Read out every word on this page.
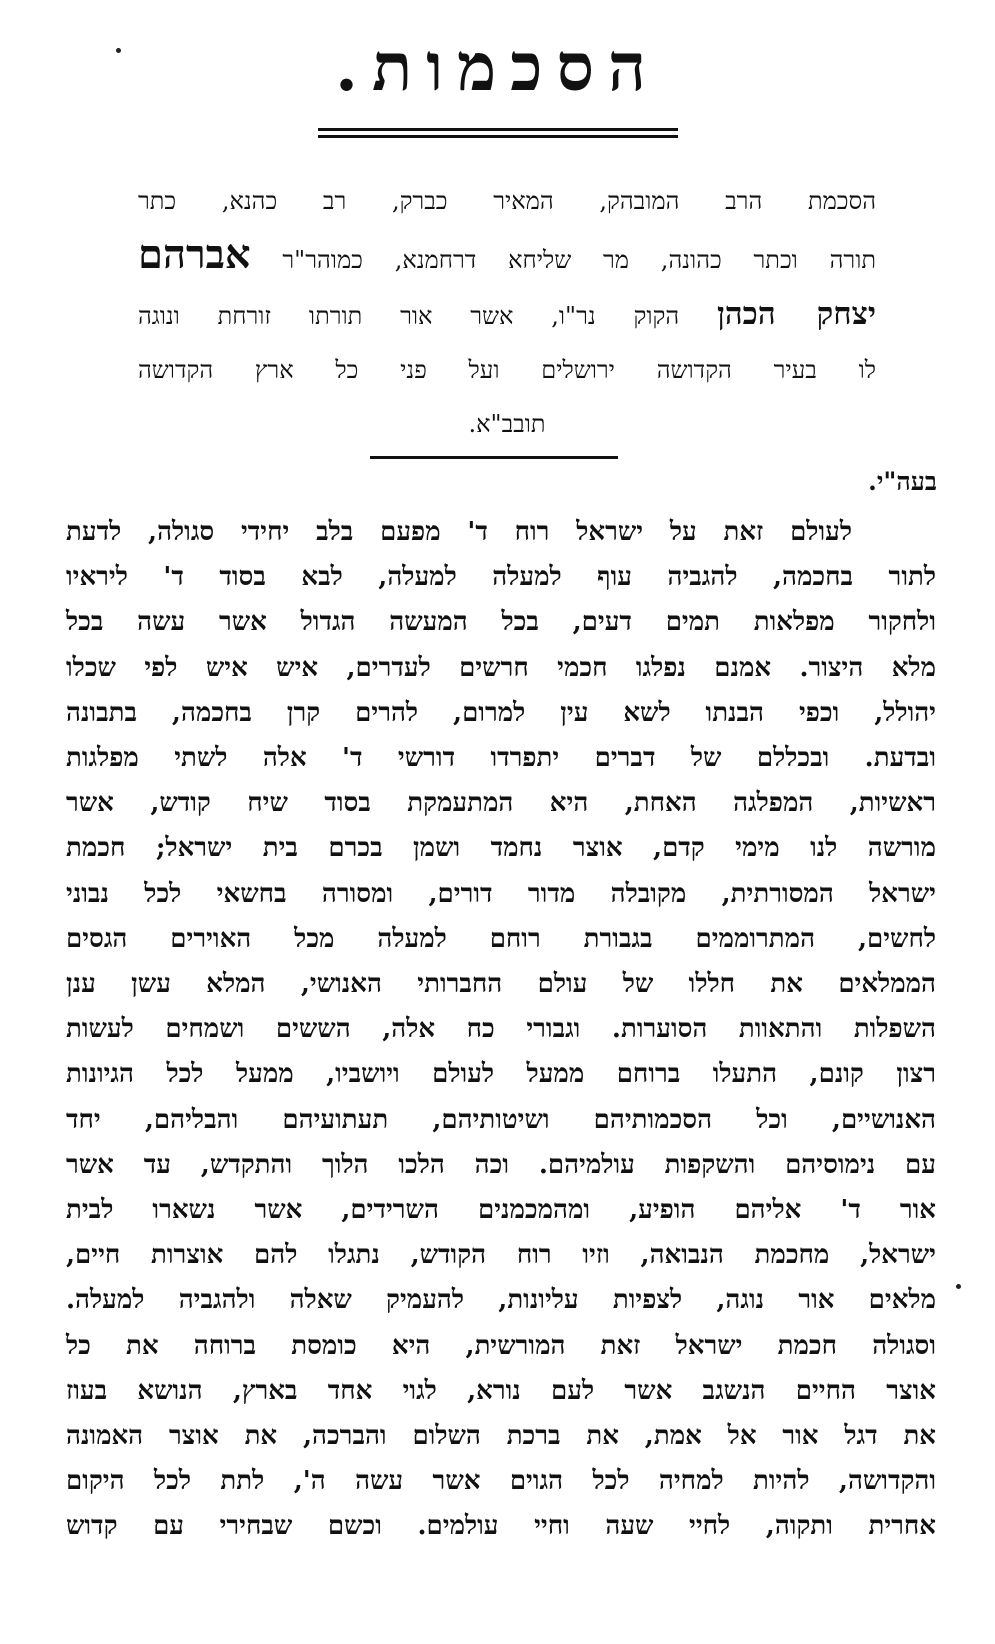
הסכמות.
הסכמת הרב המובהק, המאיר כברק, רב כהנא, כתר
תורה וכתר כהונה, מר שליחא דרחמנא, כמוהר"ר אברהם
יצחק הכהן הקוק נר"ו, אשר אור תורתו זורחת ונוגה
לו בעיר הקדושה ירושלים ועל פני כל ארץ הקדושה
תובב"א.
בעה"י.
לעולם זאת על ישראל רוח ד' מפעם בלב יחידי סגולה, לדעת
לתור בחכמה, להגביה עוף למעלה למעלה, לבא בסוד ד' ליראיו
ולחקור מפלאות תמים דעים, בכל המעשה הגדול אשר עשה בכל
מלא היצור. אמנם נפלגו חכמי חרשים לעדרים, איש איש לפי שכלו
יהולל, וכפי הבנתו לשא עין למרום, להרים קרן בחכמה, בתבונה
ובדעת. ובכללם של דברים יתפרדו דורשי ד' אלה לשתי מפלגות
ראשיות, המפלגה האחת, היא המתעמקת בסוד שיח קודש, אשר
מורשה לנו מימי קדם, אוצר נחמד ושמן בכרם בית ישראל; חכמת
ישראל המסורתית, מקובלה מדור דורים, ומסורה בחשאי לכל נבוני
לחשים, המתרוממים בגבורת רוחם למעלה מכל האוירים הגסים
הממלאים את חללו של עולם החברותי האנושי, המלא עשן ענן
השפלות והתאוות הסוערות. וגבורי כח אלה, הששים ושמחים לעשות
רצון קונם, התעלו ברוחם ממעל לעולם ויושביו, ממעל לכל הגיונות
האנושיים, וכל הסכמותיהם ושיטותיהם, תעתועיהם והבליהם, יחד
עם נימוסיהם והשקפות עולמיהם. וכה הלכו הלוך והתקדש, עד אשר
אור ד' אליהם הופיע, ומהמכמנים השרידים, אשר נשארו לבית
ישראל, מחכמת הנבואה, וזיו רוח הקודש, נתגלו להם אוצרות חיים,
מלאים אור נוגה, לצפיות עליונות, להעמיק שאלה ולהגביה למעלה.
וסגולה חכמת ישראל זאת המורשית, היא כומסת ברוחה את כל
אוצר החיים הנשגב אשר לעם נורא, לגוי אחד בארץ, הנושא בעוז
את דגל אור אל אמת, את ברכת השלום והברכה, את אוצר האמונה
והקדושה, להיות למחיה לכל הגוים אשר עשה ה', לתת לכל היקום
אחרית ותקוה, לחיי שעה וחיי עולמים. וכשם שבחירי עם קדוש
